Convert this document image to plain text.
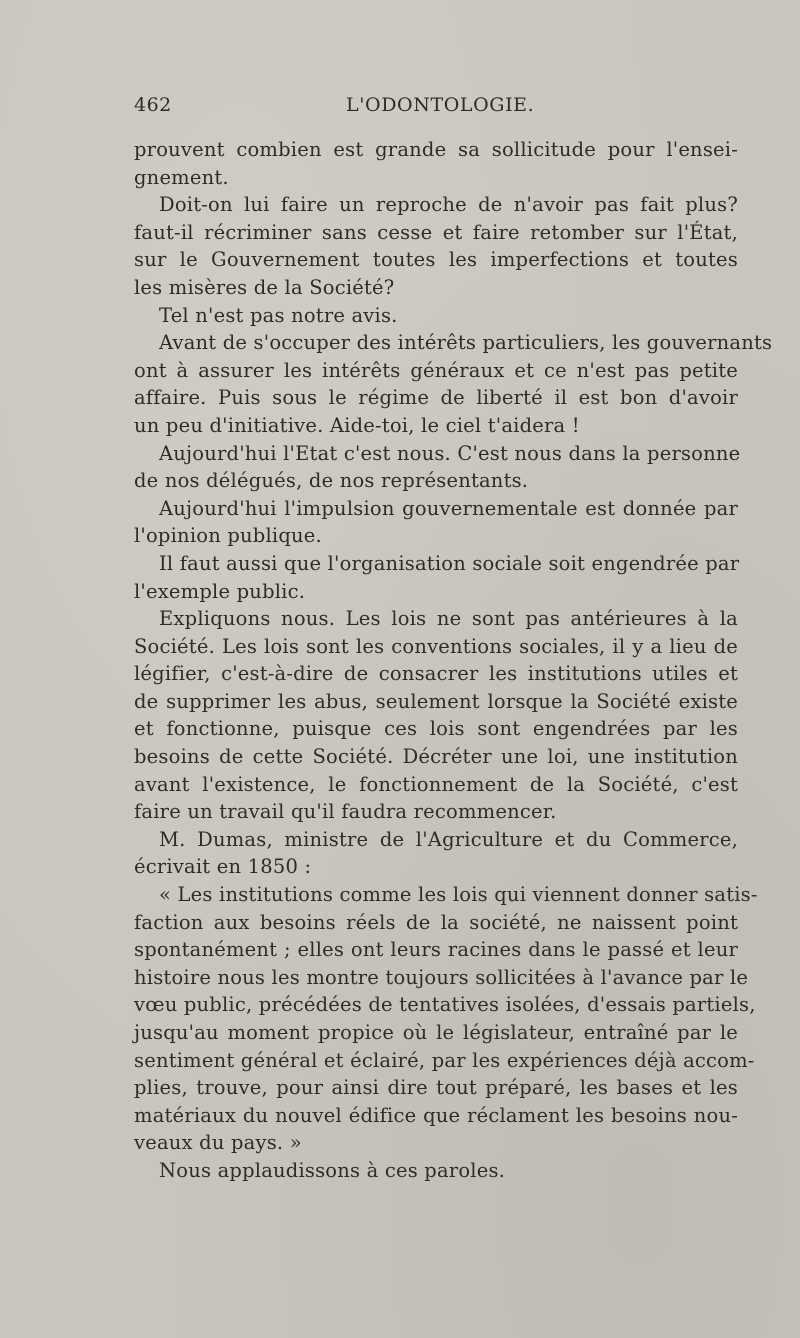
462	L'ODONTOLOGIE.
prouvent combien est grande sa sollicitude pour l'ensei-
gnement.
Doit-on lui faire un reproche de n'avoir pas fait plus?
faut-il récriminer sans cesse et faire retomber sur l'État,
sur le Gouvernement toutes les imperfections et toutes
les misères de la Société?
Tel n'est pas notre avis.
Avant de s'occuper des intérêts particuliers, les gouvernants
ont à assurer les intérêts généraux et ce n'est pas petite
affaire. Puis sous le régime de liberté il est bon d'avoir
un peu d'initiative. Aide-toi, le ciel t'aidera !
Aujourd'hui l'Etat c'est nous. C'est nous dans la personne
de nos délégués, de nos représentants.
Aujourd'hui l'impulsion gouvernementale est donnée par
l'opinion publique.
Il faut aussi que l'organisation sociale soit engendrée par
l'exemple public.
Expliquons nous. Les lois ne sont pas antérieures à la
Société. Les lois sont les conventions sociales, il y a lieu de
légifier, c'est-à-dire de consacrer les institutions utiles et
de supprimer les abus, seulement lorsque la Société existe
et fonctionne, puisque ces lois sont engendrées par les
besoins de cette Société. Décréter une loi, une institution
avant l'existence, le fonctionnement de la Société, c'est
faire un travail qu'il faudra recommencer.
M. Dumas, ministre de l'Agriculture et du Commerce,
écrivait en 1850 :
« Les institutions comme les lois qui viennent donner satis-
faction aux besoins réels de la société, ne naissent point
spontanément ; elles ont leurs racines dans le passé et leur
histoire nous les montre toujours sollicitées à l'avance par le
vœu public, précédées de tentatives isolées, d'essais partiels,
jusqu'au moment propice où le législateur, entraîné par le
sentiment général et éclairé, par les expériences déjà accom-
plies, trouve, pour ainsi dire tout préparé, les bases et les
matériaux du nouvel édifice que réclament les besoins nou-
veaux du pays. »
Nous applaudissons à ces paroles.
